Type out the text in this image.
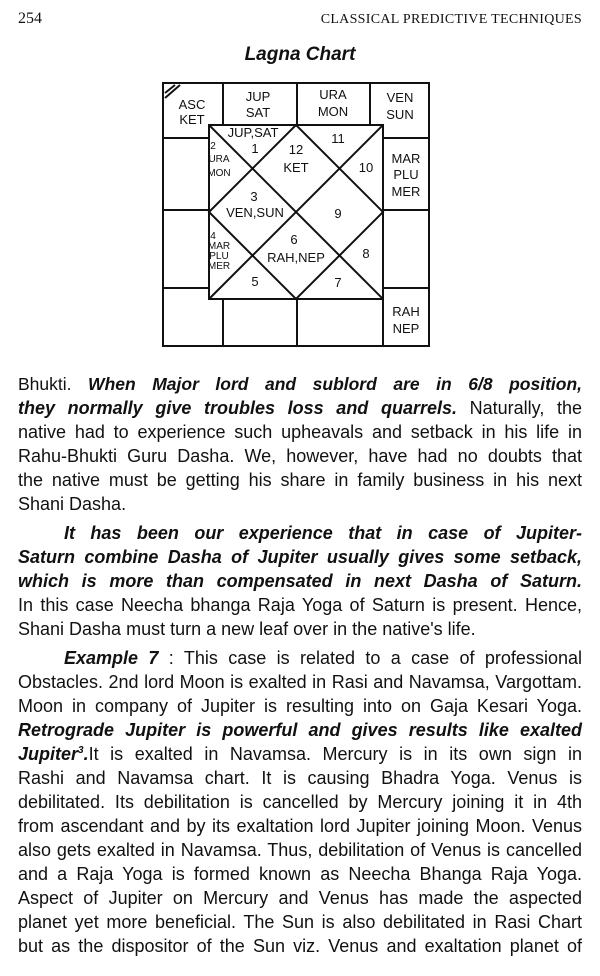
254	CLASSICAL PREDICTIVE TECHNIQUES
Lagna Chart
ASC
KET
JUP
SAT
URA
MON
VEN
SUN
MAR
PLU
MER
RAH
NEP
JUP,SAT
1
2
URA
MON
12
KET
11
10
3
VEN,SUN	9
4
MAR
PLU
MER
6
RAH,NEP	8
5	7
Bhukti. When Major lord and sublord are in 6/8 position,
they normally give troubles loss and quarrels. Naturally, the
native had to experience such upheavals and setback in his life in
Rahu-Bhukti Guru Dasha. We, however, have had no doubts that
the native must be getting his share in family business in his next
Shani Dasha.
It has been our experience that in case of Jupiter-
Saturn combine Dasha of Jupiter usually gives some setback,
which is more than compensated in next Dasha of Saturn.
In this case Neecha bhanga Raja Yoga of Saturn is present. Hence,
Shani Dasha must turn a new leaf over in the native's life.
Example 7 : This case is related to a case of professional
Obstacles. 2nd lord Moon is exalted in Rasi and Navamsa, Vargottam.
Moon in company of Jupiter is resulting into on Gaja Kesari Yoga.
Retrograde Jupiter is powerful and gives results like exalted
Jupiter$^3$.It is exalted in Navamsa. Mercury is in its own sign in
Rashi and Navamsa chart. It is causing Bhadra Yoga. Venus is
debilitated. Its debilitation is cancelled by Mercury joining it in 4th
from ascendant and by its exaltation lord Jupiter joining Moon. Venus
also gets exalted in Navamsa. Thus, debilitation of Venus is cancelled
and a Raja Yoga is formed known as Neecha Bhanga Raja Yoga.
Aspect of Jupiter on Mercury and Venus has made the aspected
planet yet more beneficial. The Sun is also debilitated in Rasi Chart
but as the dispositor of the Sun viz. Venus and exaltation planet of
